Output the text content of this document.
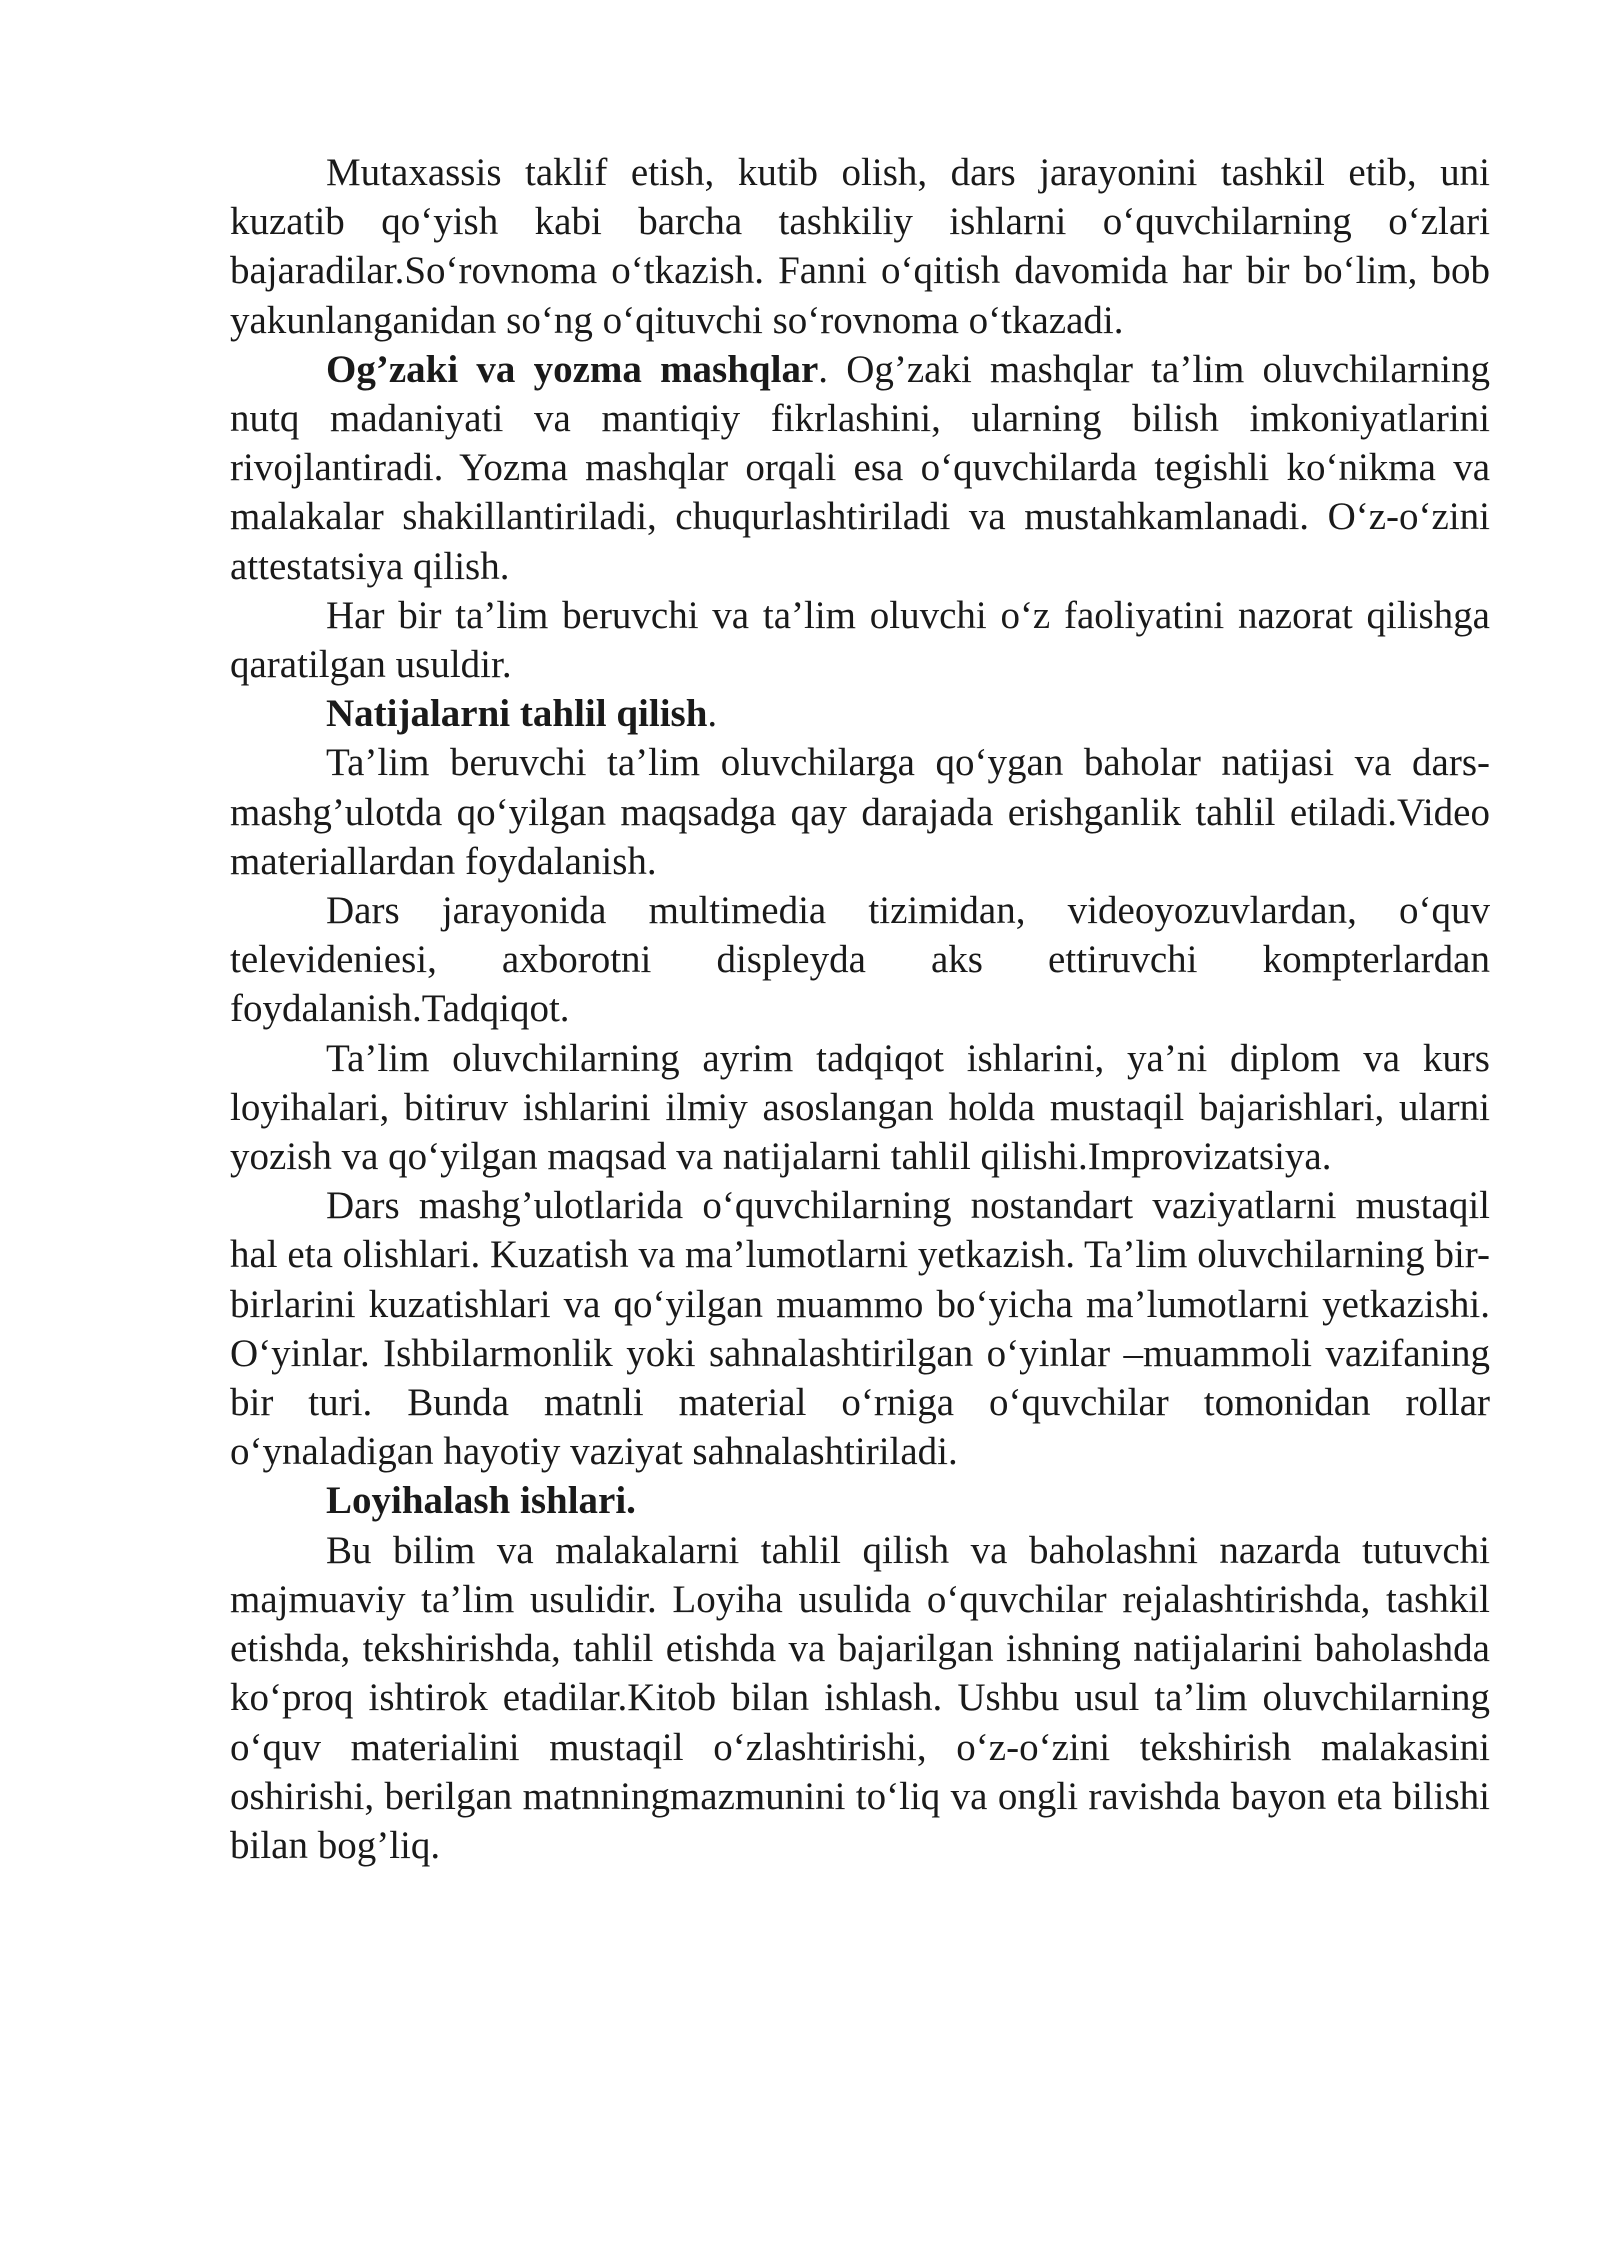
Mutaxassis taklif etish, kutib olish, dars jarayonini tashkil etib, uni kuzatib qo‘yish kabi barcha tashkiliy ishlarni o‘quvchilarning o‘zlari bajaradilar.So‘rovnoma o‘tkazish. Fanni o‘qitish davomida har bir bo‘lim, bob yakunlanganidan so‘ng o‘qituvchi so‘rovnoma o‘tkazadi.

Og’zaki va yozma mashqlar. Og’zaki mashqlar ta’lim oluvchilarning nutq madaniyati va mantiqiy fikrlashini, ularning bilish imkoniyatlarini rivojlantiradi. Yozma mashqlar orqali esa o‘quvchilarda tegishli ko‘nikma va malakalar shakillantiriladi, chuqurlashtiriladi va mustahkamlanadi. O‘z-o‘zini attestatsiya qilish.

Har bir ta’lim beruvchi va ta’lim oluvchi o‘z faoliyatini nazorat qilishga qaratilgan usuldir.

Natijalarni tahlil qilish.

Ta’lim beruvchi ta’lim oluvchilarga qo‘ygan baholar natijasi va dars-mashg’ulotda qo‘yilgan maqsadga qay darajada erishganlik tahlil etiladi.Video materiallardan foydalanish.

Dars jarayonida multimedia tizimidan, videoyozuvlardan, o‘quv televideniesi, axborotni displeyda aks ettiruvchi kompterlardan foydalanish.Tadqiqot.

Ta’lim oluvchilarning ayrim tadqiqot ishlarini, ya’ni diplom va kurs loyihalari, bitiruv ishlarini ilmiy asoslangan holda mustaqil bajarishlari, ularni yozish va qo‘yilgan maqsad va natijalarni tahlil qilishi.Improvizatsiya.

Dars mashg’ulotlarida o‘quvchilarning nostandart vaziyatlarni mustaqil hal eta olishlari. Kuzatish va ma’lumotlarni yetkazish. Ta’lim oluvchilarning bir-birlarini kuzatishlari va qo‘yilgan muammo bo‘yicha ma’lumotlarni yetkazishi. O‘yinlar. Ishbilarmonlik yoki sahnalashtirilgan o‘yinlar –muammoli vazifaning bir turi. Bunda matnli material o‘rniga o‘quvchilar tomonidan rollar o‘ynaladigan hayotiy vaziyat sahnalashtiriladi.

Loyihalash ishlari.

Bu bilim va malakalarni tahlil qilish va baholashni nazarda tutuvchi majmuaviy ta’lim usulidir. Loyiha usulida o‘quvchilar rejalashtirishda, tashkil etishda, tekshirishda, tahlil etishda va bajarilgan ishning natijalarini baholashda ko‘proq ishtirok etadilar.Kitob bilan ishlash. Ushbu usul ta’lim oluvchilarning o‘quv materialini mustaqil o‘zlashtirishi, o‘z-o‘zini tekshirish malakasini oshirishi, berilgan matnningmazmunini to‘liq va ongli ravishda bayon eta bilishi bilan bog’liq.
